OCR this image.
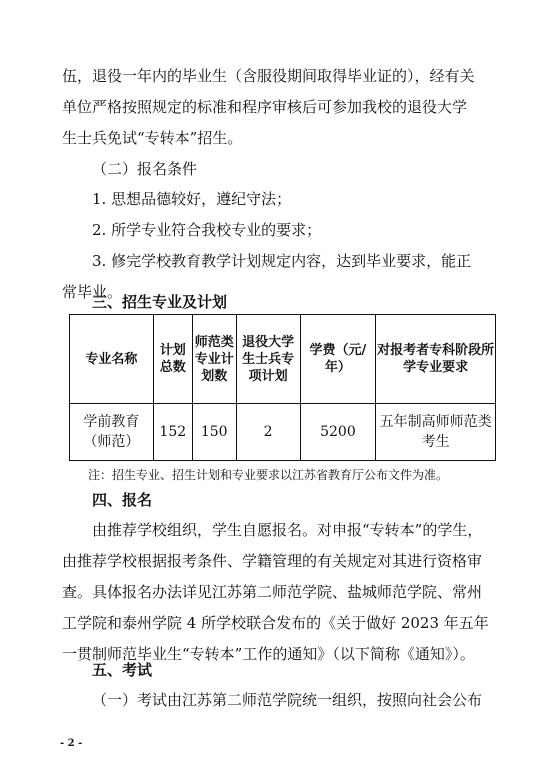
伍，退役一年内的毕业生（含服役期间取得毕业证的），经有关
单位严格按照规定的标准和程序审核后可参加我校的退役大学
生士兵免试“专转本”招生。
（二）报名条件
1. 思想品德较好，遵纪守法；
2. 所学专业符合我校专业的要求；
3. 修完学校教育教学计划规定内容，达到毕业要求，能正
常毕业。
三、招生专业及计划
专业名称	计划总数	师范类专业计划数	退役大学生士兵专项计划	学费（元/年）	对报考者专科阶段所学专业要求
学前教育（师范）	152	150	2	5200	五年制高师师范类考生
注：招生专业、招生计划和专业要求以江苏省教育厅公布文件为准。
四、报名
由推荐学校组织，学生自愿报名。对申报“专转本”的学生，
由推荐学校根据报考条件、学籍管理的有关规定对其进行资格审
查。具体报名办法详见江苏第二师范学院、盐城师范学院、常州
工学院和泰州学院 4 所学校联合发布的《关于做好 2023 年五年
一贯制师范毕业生“专转本”工作的通知》（以下简称《通知》）。
五、考试
（一）考试由江苏第二师范学院统一组织，按照向社会公布
- 2 -
